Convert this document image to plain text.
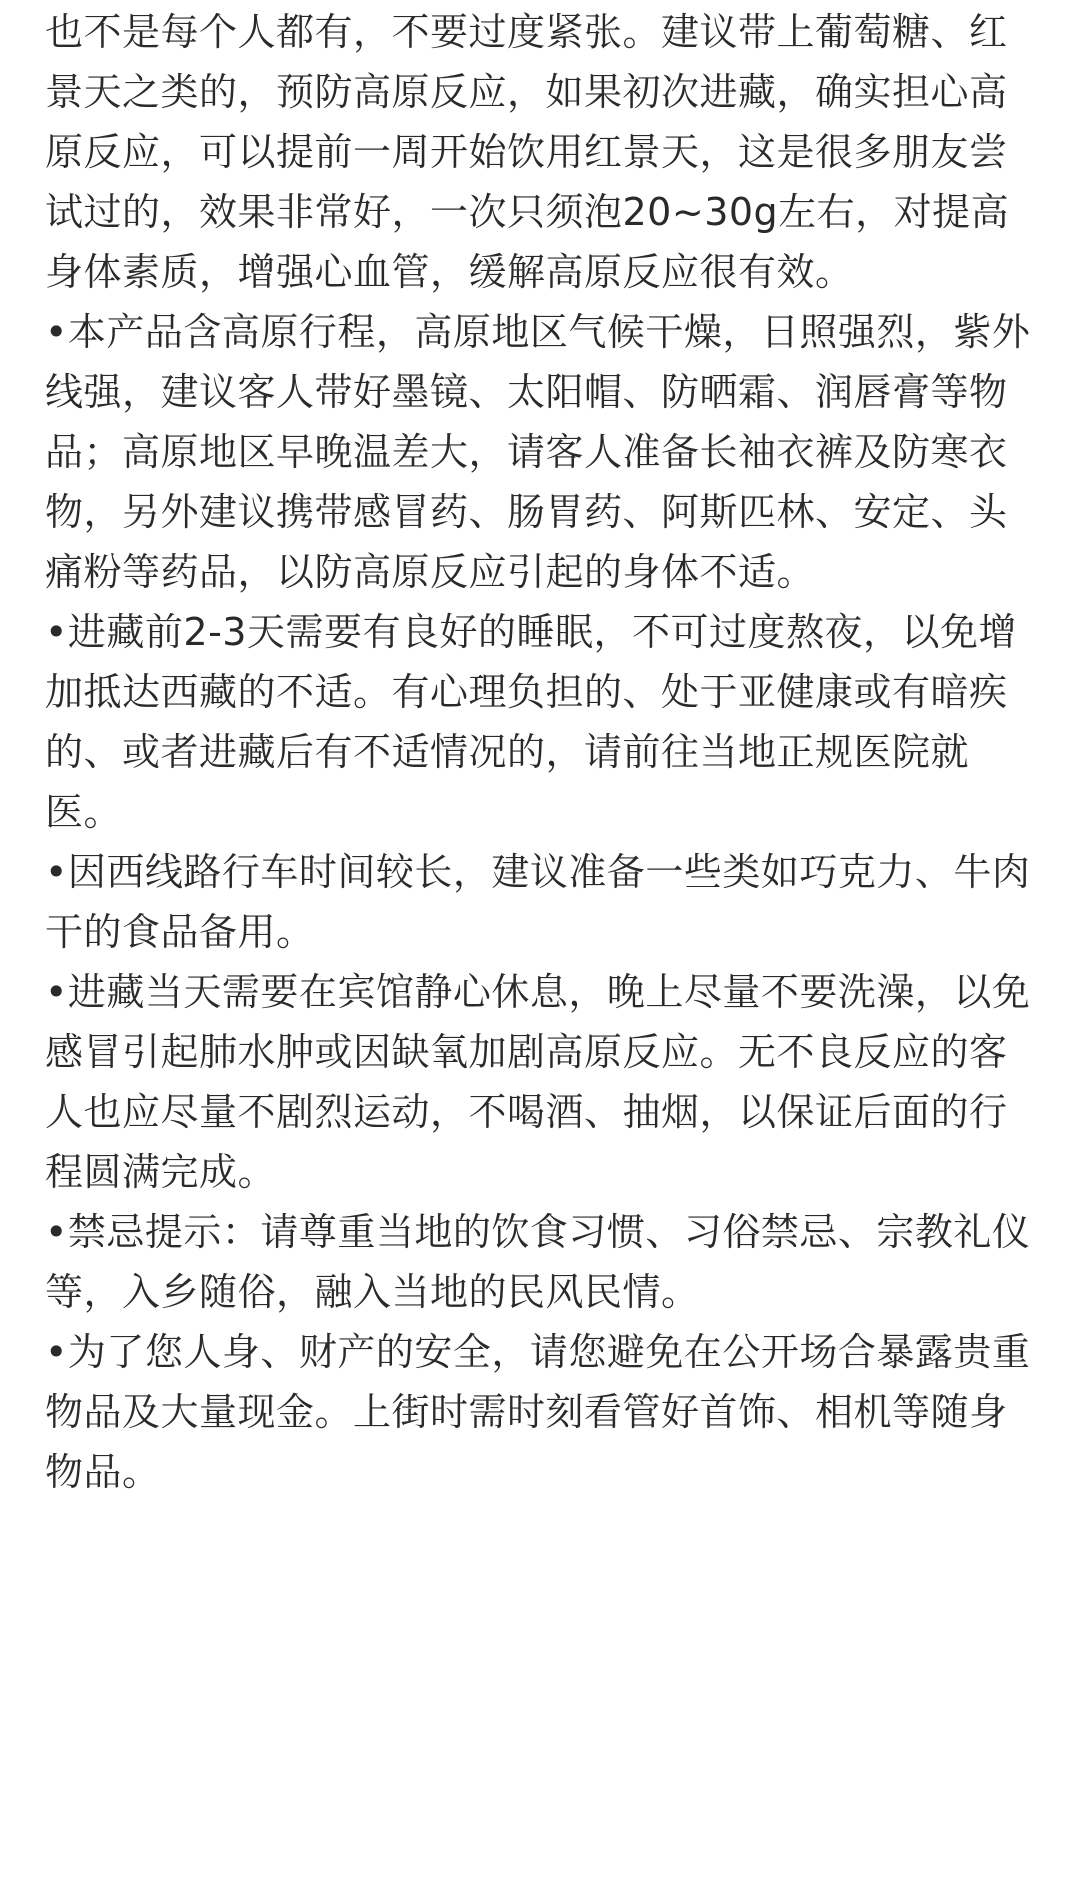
也不是每个人都有，不要过度紧张。建议带上葡萄糖、红景天之类的，预防高原反应，如果初次进藏，确实担心高原反应，可以提前一周开始饮用红景天，这是很多朋友尝试过的，效果非常好，一次只须泡20~30g左右，对提高身体素质，增强心血管，缓解高原反应很有效。

•本产品含高原行程，高原地区气候干燥，日照强烈，紫外线强，建议客人带好墨镜、太阳帽、防晒霜、润唇膏等物品；高原地区早晚温差大，请客人准备长袖衣裤及防寒衣物，另外建议携带感冒药、肠胃药、阿斯匹林、安定、头痛粉等药品，以防高原反应引起的身体不适。

•进藏前2-3天需要有良好的睡眠，不可过度熬夜，以免增加抵达西藏的不适。有心理负担的、处于亚健康或有暗疾的、或者进藏后有不适情况的，请前往当地正规医院就医。

•因西线路行车时间较长，建议准备一些类如巧克力、牛肉干的食品备用。

•进藏当天需要在宾馆静心休息，晚上尽量不要洗澡，以免感冒引起肺水肿或因缺氧加剧高原反应。无不良反应的客人也应尽量不剧烈运动，不喝酒、抽烟，以保证后面的行程圆满完成。

•禁忌提示：请尊重当地的饮食习惯、习俗禁忌、宗教礼仪等，入乡随俗，融入当地的民风民情。

•为了您人身、财产的安全，请您避免在公开场合暴露贵重物品及大量现金。上街时需时刻看管好首饰、相机等随身物品。
